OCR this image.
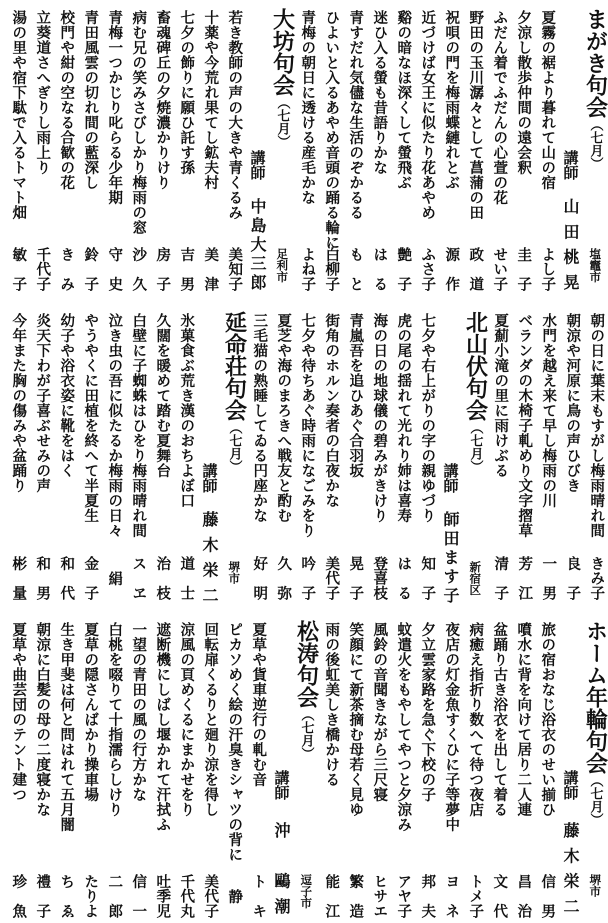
まがき句会（七月）
塩竈市
講師
山田桃晃
夏霧の裾より暮れて山の宿
よし子
夕涼し散歩仲間の遠会釈
圭子
ふだん着でふだんの心萱の花
せい子
野田の玉川潺々として菖蒲の田
政道
祝唄の門を梅雨蝶縺れとぶ
源作
近づけば女王に似たり花あやめ
ふさ子
谿の暗なほ深くして螢飛ぶ
艶子
迷ひ入る螢も昔語りかな
はる
青すだれ気儘な生活のぞかるる
もと
ひよいと入るあやめ音頭の踊る輪に
白柳子
青梅の朝日に透ける産毛かな
よね子
大坊句会（七月）
足利市
講師
中島大三郎
若き教師の声の大きや青くるみ
美知子
十薬や今荒れ果てし鉱夫村
美津
七夕の飾りに願ひ託す孫
吉男
畜魂碑丘の夕焼濃かりけり
房子
病む兄の笑みさびしかり梅雨の窓
沙久
青梅一つかじり叱らる少年期
守史
青田風雲の切れ間の藍深し
鈴子
校門や紺の空なる合歓の花
きみ
立葵道さへぎりし雨上り
千代子
湯の里や宿下駄で入るトマト畑
敏子
朝の日に葉末もすがし梅雨晴れ間
きみ子
朝涼や河原に鳥の声ひびき
良子
水門を越え来て早し梅雨の川
一男
ベランダの木椅子軋めり文字摺草
芳江
夏薊小滝の里に雨けぶる
清子
北山伏句会（七月）
新宿区
講師
師田ます子
七夕や右上がりの字の親ゆづり
知子
虎の尾の揺れて光れり姉は喜寿
はる
海の日の地球儀の碧みがきけり
登喜枝
青嵐吾を追ひあぐ合羽坂
晃子
街角のホルン奏者の白夜かな
美代子
七夕や待ちあぐ時雨になごみをり
吟子
夏芝や海のまろきへ戦友と酌む
久弥
三毛猫の熟睡してゐる円座かな
好明
延命荘句会（七月）
堺市
講師
藤木栄二
氷菓食ぶ荒き漢のおちよぼ口
道士
久闊を暖めて踏む夏舞台
治枝
白壁に子蜘蛛はひをり梅雨晴れ間
スヱ
泣き虫の吾に似たるか梅雨の日々
絹
やうやくに田植を終へて半夏生
金子
幼子や浴衣姿に靴をはく
和代
炎天下わが子喜ぶせみの声
和男
今年また胸の傷みや盆踊り
彬量
ホーム年輪句会（七月）
堺市
講師
藤木栄二
旅の宿おなじ浴衣のせい揃ひ
信男
噴水に背を向けて居り二人連
昌治
盆踊り古き浴衣を出して着る
文代
病癒え指折り数へて待つ夜店
トメ子
夜店の灯金魚すくひに子等夢中
ヨネ
夕立雲家路を急ぐ下校の子
邦夫
蚊遣火をもやしてやつと夕涼み
アヤ子
風鈴の音聞きながら三尺寝
ヒサエ
笑顔にて新茶摘む母若く見ゆ
繁造
雨の後虹美しき橋かける
能江
松涛句会（七月）
逗子市
講師
沖　鷗潮
夏草や貨車逆行の軋む音
トキ
ピカソめく絵の汗臭きシャツの背に
静
回転扉くるりと廻り涼を得し
美代子
涼風の頁めくるにまかせをり
千代丸
遮断機にしばし堰かれて汗拭ふ
吐季児
一望の青田の風の行方かな
信一
白桃を啜りて十指濡らしけり
二郎
夏草の隠さんばかり操車場
たりよ
生き甲斐は何と問はれて五月闇
ちゑ
朝涼に白髪の母の二度寝かな
禮子
夏草や曲芸団のテント建つ
珍魚
